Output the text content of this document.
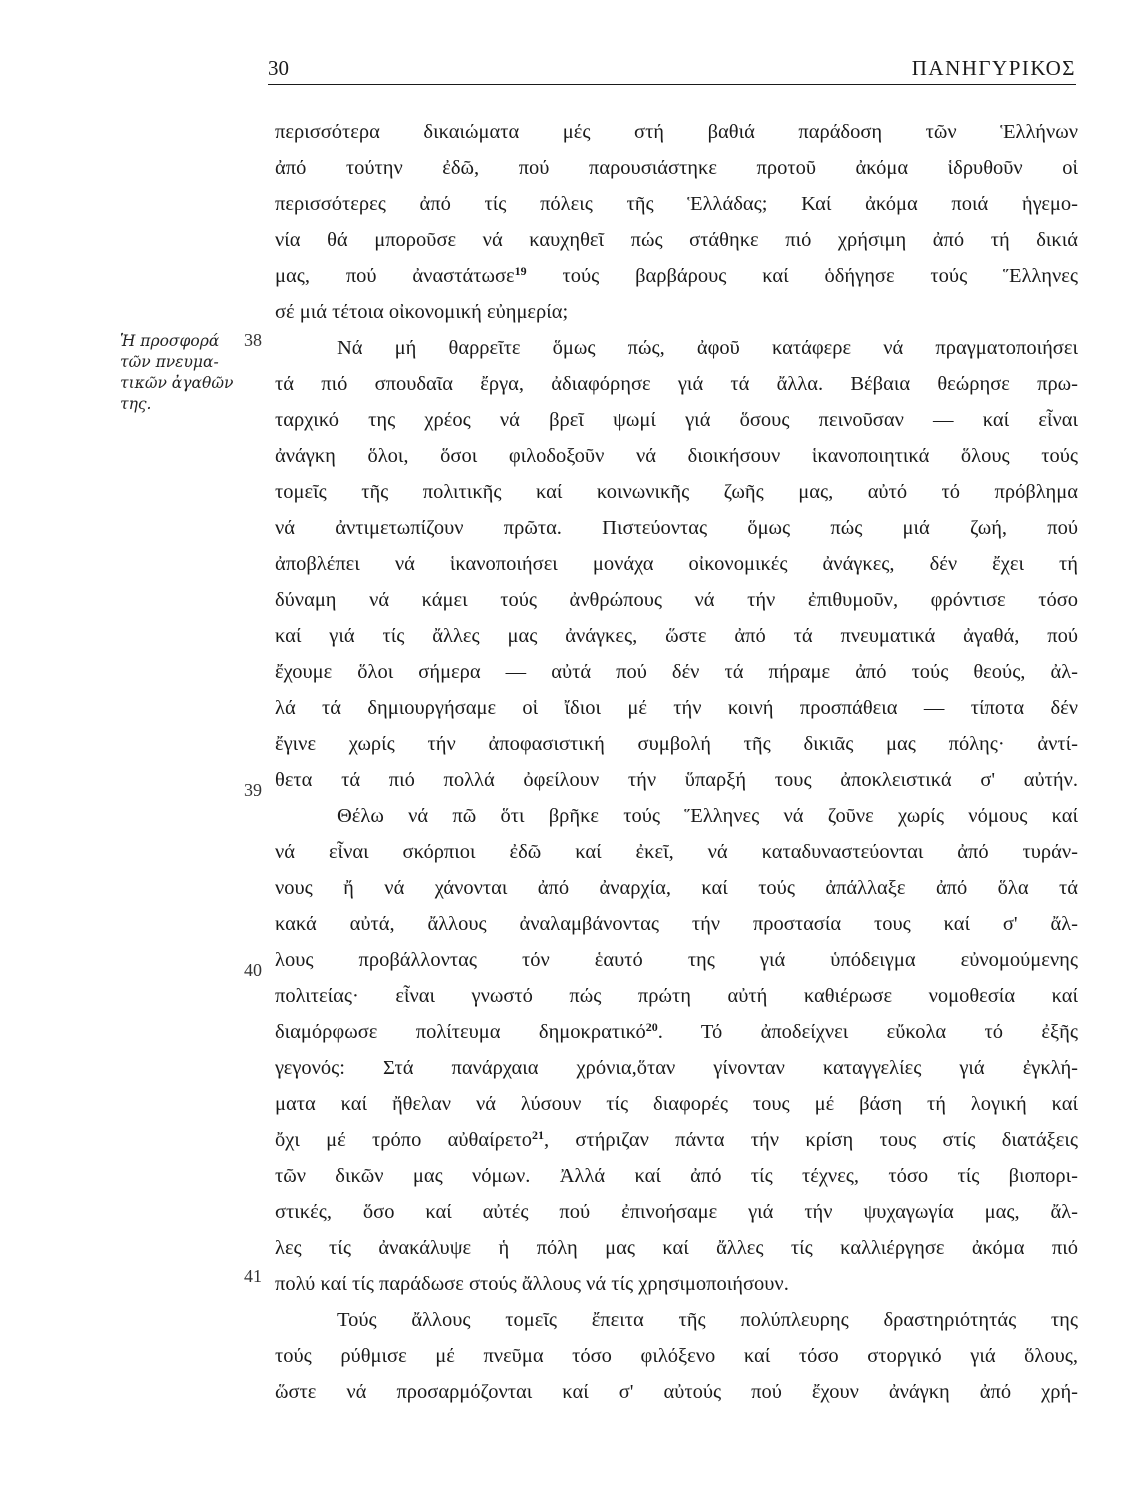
30	ΠΑΝΗΓΥΡΙΚΟΣ
Ἡ προσφορά
τῶν πνευμα-
τικῶν ἀγαθῶν
της.
38
39
40
41
περισσότερα δικαιώματα μές στή βαθιά παράδοση τῶν Ἑλλήνων
ἀπό τούτην ἐδῶ, πού παρουσιάστηκε προτοῦ ἀκόμα ἱδρυθοῦν οἱ
περισσότερες ἀπό τίς πόλεις τῆς Ἑλλάδας; Καί ἀκόμα ποιά ἡγεμο-
νία θά μποροῦσε νά καυχηθεῖ πώς στάθηκε πιό χρήσιμη ἀπό τή δικιά
μας, πού ἀναστάτωσε$^{19}$ τούς βαρβάρους καί ὁδήγησε τούς Ἕλληνες
σέ μιά τέτοια οἰκονομική εὐημερία;
Νά μή θαρρεῖτε ὅμως πώς, ἀφοῦ κατάφερε νά πραγματοποιήσει
τά πιό σπουδαῖα ἔργα, ἀδιαφόρησε γιά τά ἄλλα. Βέβαια θεώρησε πρω-
ταρχικό της χρέος νά βρεῖ ψωμί γιά ὅσους πεινοῦσαν — καί εἶναι
ἀνάγκη ὅλοι, ὅσοι φιλοδοξοῦν νά διοικήσουν ἱκανοποιητικά ὅλους τούς
τομεῖς τῆς πολιτικῆς καί κοινωνικῆς ζωῆς μας, αὐτό τό πρόβλημα
νά ἀντιμετωπίζουν πρῶτα. Πιστεύοντας ὅμως πώς μιά ζωή, πού
ἀποβλέπει νά ἱκανοποιήσει μονάχα οἰκονομικές ἀνάγκες, δέν ἔχει τή
δύναμη νά κάμει τούς ἀνθρώπους νά τήν ἐπιθυμοῦν, φρόντισε τόσο
καί γιά τίς ἄλλες μας ἀνάγκες, ὥστε ἀπό τά πνευματικά ἀγαθά, πού
ἔχουμε ὅλοι σήμερα — αὐτά πού δέν τά πήραμε ἀπό τούς θεούς, ἀλ-
λά τά δημιουργήσαμε οἱ ἴδιοι μέ τήν κοινή προσπάθεια — τίποτα δέν
ἔγινε χωρίς τήν ἀποφασιστική συμβολή τῆς δικιᾶς μας πόλης· ἀντί-
θετα τά πιό πολλά ὀφείλουν τήν ὕπαρξή τους ἀποκλειστικά σ' αὐτήν.
Θέλω νά πῶ ὅτι βρῆκε τούς Ἕλληνες νά ζοῦνε χωρίς νόμους καί
νά εἶναι σκόρπιοι ἐδῶ καί ἐκεῖ, νά καταδυναστεύονται ἀπό τυράν-
νους ἤ νά χάνονται ἀπό ἀναρχία, καί τούς ἀπάλλαξε ἀπό ὅλα τά
κακά αὐτά, ἄλλους ἀναλαμβάνοντας τήν προστασία τους καί σ' ἄλ-
λους προβάλλοντας τόν ἑαυτό της γιά ὑπόδειγμα εὐνομούμενης
πολιτείας· εἶναι γνωστό πώς πρώτη αὐτή καθιέρωσε νομοθεσία καί
διαμόρφωσε πολίτευμα δημοκρατικό$^{20}$. Τό ἀποδείχνει εὔκολα τό ἐξῆς
γεγονός: Στά πανάρχαια χρόνια,ὅταν γίνονταν καταγγελίες γιά ἐγκλή-
ματα καί ἤθελαν νά λύσουν τίς διαφορές τους μέ βάση τή λογική καί
ὄχι μέ τρόπο αὐθαίρετο$^{21}$, στήριζαν πάντα τήν κρίση τους στίς διατάξεις
τῶν δικῶν μας νόμων. Ἀλλά καί ἀπό τίς τέχνες, τόσο τίς βιοπορι-
στικές, ὅσο καί αὐτές πού ἐπινοήσαμε γιά τήν ψυχαγωγία μας, ἄλ-
λες τίς ἀνακάλυψε ἡ πόλη μας καί ἄλλες τίς καλλιέργησε ἀκόμα πιό
πολύ καί τίς παράδωσε στούς ἄλλους νά τίς χρησιμοποιήσουν.
Τούς ἄλλους τομεῖς ἔπειτα τῆς πολύπλευρης δραστηριότητάς της
τούς ρύθμισε μέ πνεῦμα τόσο φιλόξενο καί τόσο στοργικό γιά ὅλους,
ὥστε νά προσαρμόζονται καί σ' αὐτούς πού ἔχουν ἀνάγκη ἀπό χρή-
